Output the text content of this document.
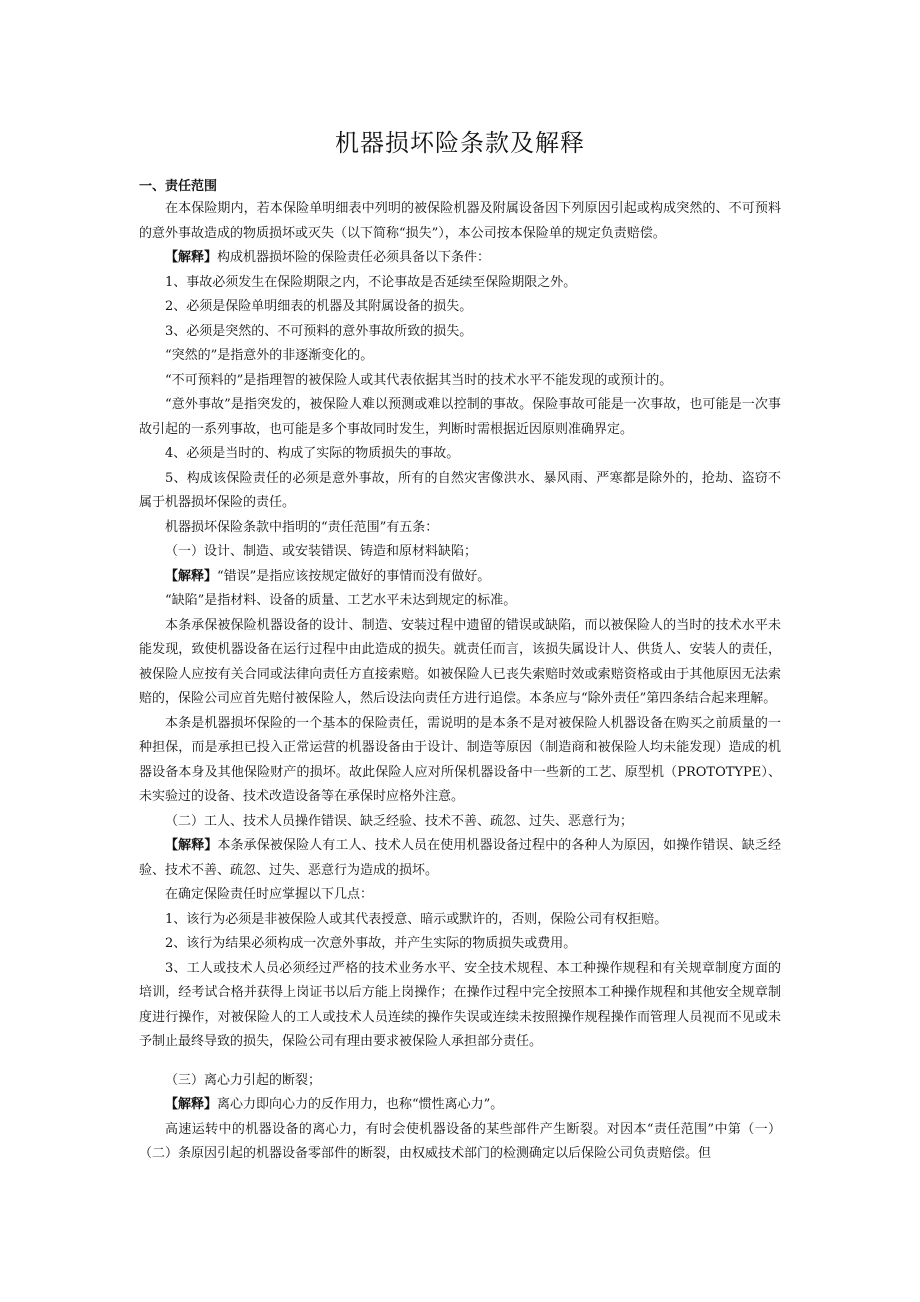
机器损坏险条款及解释
一、责任范围

在本保险期内，若本保险单明细表中列明的被保险机器及附属设备因下列原因引起或构成突然的、不可预料的意外事故造成的物质损坏或灭失（以下简称“损失”），本公司按本保险单的规定负责赔偿。

【解释】构成机器损坏险的保险责任必须具备以下条件：

1、事故必须发生在保险期限之内，不论事故是否延续至保险期限之外。

2、必须是保险单明细表的机器及其附属设备的损失。

3、必须是突然的、不可预料的意外事故所致的损失。

“突然的”是指意外的非逐渐变化的。

“不可预料的”是指理智的被保险人或其代表依据其当时的技术水平不能发现的或预计的。

“意外事故”是指突发的，被保险人难以预测或难以控制的事故。保险事故可能是一次事故，也可能是一次事故引起的一系列事故，也可能是多个事故同时发生，判断时需根据近因原则准确界定。

4、必须是当时的、构成了实际的物质损失的事故。

5、构成该保险责任的必须是意外事故，所有的自然灾害像洪水、暴风雨、严寒都是除外的，抢劫、盗窃不属于机器损坏保险的责任。

机器损坏保险条款中指明的“责任范围”有五条：

（一）设计、制造、或安装错误、铸造和原材料缺陷；

【解释】“错误”是指应该按规定做好的事情而没有做好。

“缺陷”是指材料、设备的质量、工艺水平未达到规定的标准。

本条承保被保险机器设备的设计、制造、安装过程中遗留的错误或缺陷，而以被保险人的当时的技术水平未能发现，致使机器设备在运行过程中由此造成的损失。就责任而言，该损失属设计人、供货人、安装人的责任，被保险人应按有关合同或法律向责任方直接索赔。如被保险人已丧失索赔时效或索赔资格或由于其他原因无法索赔的，保险公司应首先赔付被保险人，然后设法向责任方进行追偿。本条应与“除外责任”第四条结合起来理解。

本条是机器损坏保险的一个基本的保险责任，需说明的是本条不是对被保险人机器设备在购买之前质量的一种担保，而是承担已投入正常运营的机器设备由于设计、制造等原因（制造商和被保险人均未能发现）造成的机器设备本身及其他保险财产的损坏。故此保险人应对所保机器设备中一些新的工艺、原型机（PROTOTYPE）、未实验过的设备、技术改造设备等在承保时应格外注意。

（二）工人、技术人员操作错误、缺乏经验、技术不善、疏忽、过失、恶意行为；

【解释】本条承保被保险人有工人、技术人员在使用机器设备过程中的各种人为原因，如操作错误、缺乏经验、技术不善、疏忽、过失、恶意行为造成的损坏。

在确定保险责任时应掌握以下几点：

1、该行为必须是非被保险人或其代表授意、暗示或默许的，否则，保险公司有权拒赔。

2、该行为结果必须构成一次意外事故，并产生实际的物质损失或费用。

3、工人或技术人员必须经过严格的技术业务水平、安全技术规程、本工种操作规程和有关规章制度方面的培训，经考试合格并获得上岗证书以后方能上岗操作；在操作过程中完全按照本工种操作规程和其他安全规章制度进行操作，对被保险人的工人或技术人员连续的操作失误或连续未按照操作规程操作而管理人员视而不见或未予制止最终导致的损失，保险公司有理由要求被保险人承担部分责任。

（三）离心力引起的断裂；

【解释】离心力即向心力的反作用力，也称“惯性离心力”。

高速运转中的机器设备的离心力，有时会使机器设备的某些部件产生断裂。对因本“责任范围”中第（一）（二）条原因引起的机器设备零部件的断裂，由权威技术部门的检测确定以后保险公司负责赔偿。但
